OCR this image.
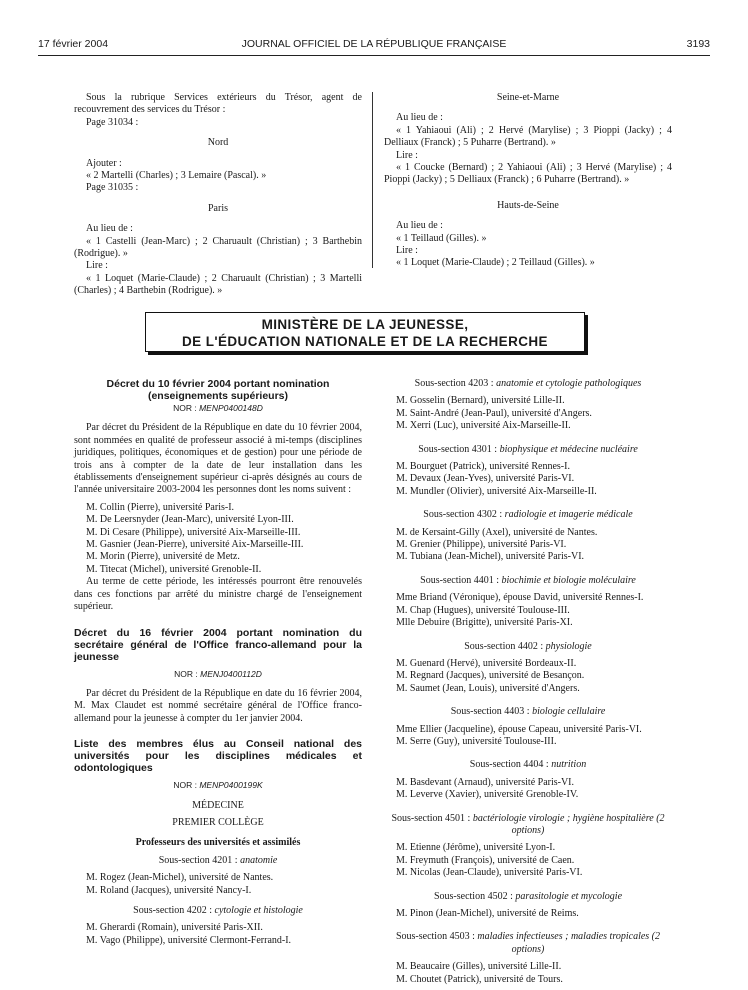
17 février 2004	JOURNAL OFFICIEL DE LA RÉPUBLIQUE FRANÇAISE	3193

Sous la rubrique Services extérieurs du Trésor, agent de recouvrement des services du Trésor :

Page 31034 :

Nord

Ajouter :

« 2 Martelli (Charles) ; 3 Lemaire (Pascal). »

Page 31035 :

Paris

Au lieu de :

« 1 Castelli (Jean-Marc) ; 2 Charuault (Christian) ; 3 Barthebin (Rodrigue). »

Lire :

« 1 Loquet (Marie-Claude) ; 2 Charuault (Christian) ; 3 Martelli (Charles) ; 4 Barthebin (Rodrigue). »

Seine-et-Marne

Au lieu de :

« 1 Yahiaoui (Ali) ; 2 Hervé (Marylise) ; 3 Pioppi (Jacky) ; 4 Delliaux (Franck) ; 5 Puharre (Bertrand). »

Lire :

« 1 Coucke (Bernard) ; 2 Yahiaoui (Ali) ; 3 Hervé (Marylise) ; 4 Pioppi (Jacky) ; 5 Delliaux (Franck) ; 6 Puharre (Bertrand). »

Hauts-de-Seine

Au lieu de :

« 1 Teillaud (Gilles). »

Lire :

« 1 Loquet (Marie-Claude) ; 2 Teillaud (Gilles). »

MINISTÈRE DE LA JEUNESSE,
DE L'ÉDUCATION NATIONALE ET DE LA RECHERCHE

Décret du 10 février 2004 portant nomination (enseignements supérieurs)

NOR : MENP0400148D

Par décret du Président de la République en date du 10 février 2004, sont nommées en qualité de professeur associé à mi-temps (disciplines juridiques, politiques, économiques et de gestion) pour une période de trois ans à compter de la date de leur installation dans les établissements d'enseignement supérieur ci-après désignés au cours de l'année universitaire 2003-2004 les personnes dont les noms suivent :

M. Collin (Pierre), université Paris-I.

M. De Leersnyder (Jean-Marc), université Lyon-III.

M. Di Cesare (Philippe), université Aix-Marseille-III.

M. Gasnier (Jean-Pierre), université Aix-Marseille-III.

M. Morin (Pierre), université de Metz.

M. Titecat (Michel), université Grenoble-II.

Au terme de cette période, les intéressés pourront être renouvelés dans ces fonctions par arrêté du ministre chargé de l'enseignement supérieur.

Décret du 16 février 2004 portant nomination du secrétaire général de l'Office franco-allemand pour la jeunesse

NOR : MENJ0400112D

Par décret du Président de la République en date du 16 février 2004, M. Max Claudet est nommé secrétaire général de l'Office franco-allemand pour la jeunesse à compter du 1er janvier 2004.

Liste des membres élus au Conseil national des universités pour les disciplines médicales et odontologiques

NOR : MENP0400199K

MÉDECINE

PREMIER COLLÈGE

Professeurs des universités et assimilés

Sous-section 4201 : anatomie

M. Rogez (Jean-Michel), université de Nantes.

M. Roland (Jacques), université Nancy-I.

Sous-section 4202 : cytologie et histologie

M. Gherardi (Romain), université Paris-XII.

M. Vago (Philippe), université Clermont-Ferrand-I.

Sous-section 4203 : anatomie et cytologie pathologiques

M. Gosselin (Bernard), université Lille-II.

M. Saint-André (Jean-Paul), université d'Angers.

M. Xerri (Luc), université Aix-Marseille-II.

Sous-section 4301 : biophysique et médecine nucléaire

M. Bourguet (Patrick), université Rennes-I.

M. Devaux (Jean-Yves), université Paris-VI.

M. Mundler (Olivier), université Aix-Marseille-II.

Sous-section 4302 : radiologie et imagerie médicale

M. de Kersaint-Gilly (Axel), université de Nantes.

M. Grenier (Philippe), université Paris-VI.

M. Tubiana (Jean-Michel), université Paris-VI.

Sous-section 4401 : biochimie et biologie moléculaire

Mme Briand (Véronique), épouse David, université Rennes-I.

M. Chap (Hugues), université Toulouse-III.

Mlle Debuire (Brigitte), université Paris-XI.

Sous-section 4402 : physiologie

M. Guenard (Hervé), université Bordeaux-II.

M. Regnard (Jacques), université de Besançon.

M. Saumet (Jean, Louis), université d'Angers.

Sous-section 4403 : biologie cellulaire

Mme Ellier (Jacqueline), épouse Capeau, université Paris-VI.

M. Serre (Guy), université Toulouse-III.

Sous-section 4404 : nutrition

M. Basdevant (Arnaud), université Paris-VI.

M. Leverve (Xavier), université Grenoble-IV.

Sous-section 4501 : bactériologie virologie ; hygiène hospitalière (2 options)

M. Etienne (Jérôme), université Lyon-I.

M. Freymuth (François), université de Caen.

M. Nicolas (Jean-Claude), université Paris-VI.

Sous-section 4502 : parasitologie et mycologie

M. Pinon (Jean-Michel), université de Reims.

Sous-section 4503 : maladies infectieuses ; maladies tropicales (2 options)

M. Beaucaire (Gilles), université Lille-II.

M. Choutet (Patrick), université de Tours.
